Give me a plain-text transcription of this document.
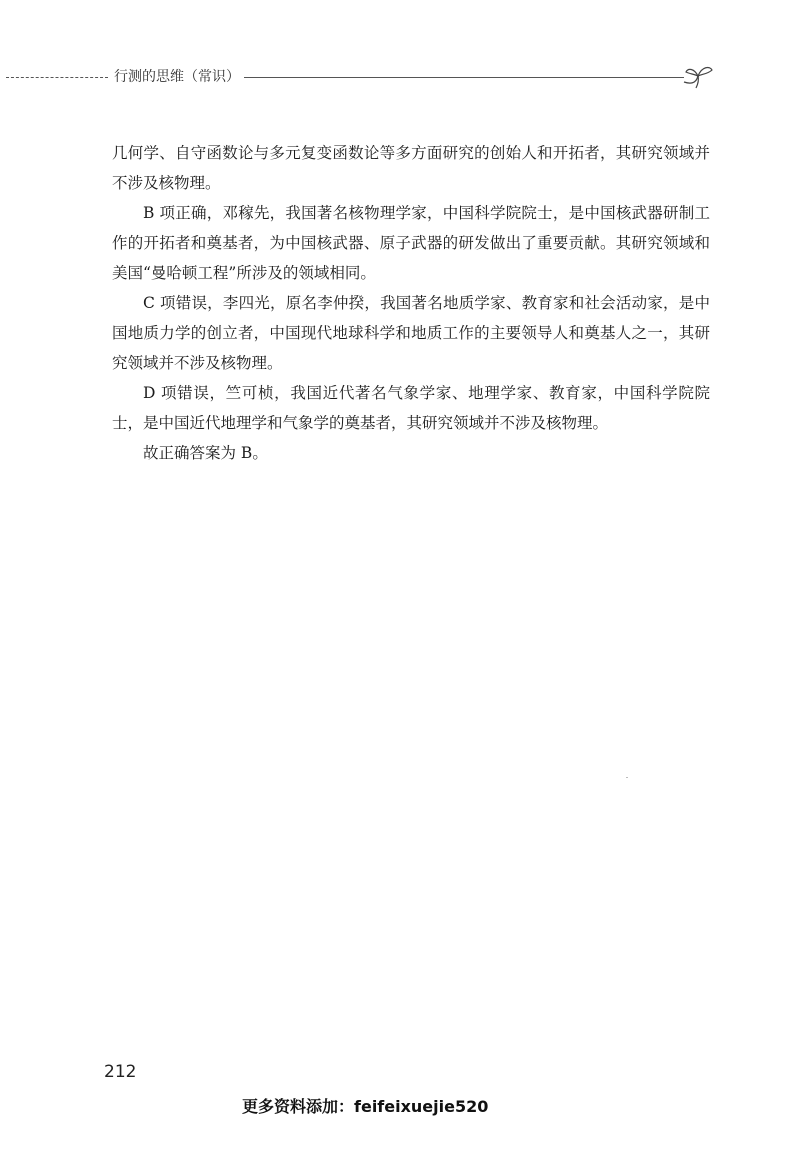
行测的思维（常识）

几何学、自守函数论与多元复变函数论等多方面研究的创始人和开拓者，其研究领域并不涉及核物理。

B 项正确，邓稼先，我国著名核物理学家，中国科学院院士，是中国核武器研制工作的开拓者和奠基者，为中国核武器、原子武器的研发做出了重要贡献。其研究领域和美国“曼哈顿工程”所涉及的领域相同。

C 项错误，李四光，原名李仲揆，我国著名地质学家、教育家和社会活动家，是中国地质力学的创立者，中国现代地球科学和地质工作的主要领导人和奠基人之一，其研究领域并不涉及核物理。

D 项错误，竺可桢，我国近代著名气象学家、地理学家、教育家，中国科学院院士，是中国近代地理学和气象学的奠基者，其研究领域并不涉及核物理。

故正确答案为 B。

212
更多资料添加：feifeixuejie520
